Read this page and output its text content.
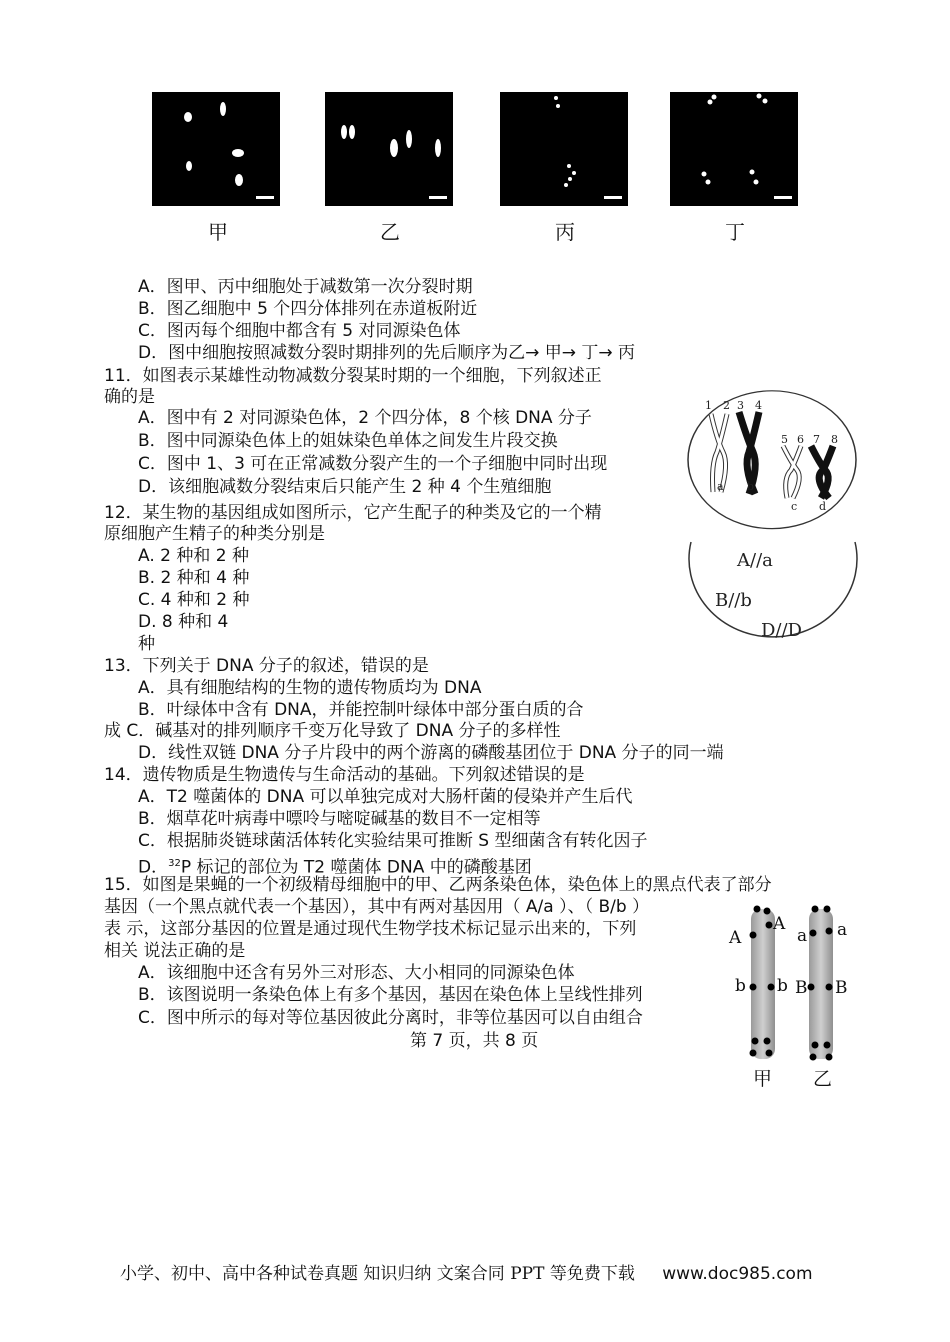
甲	乙	丙	丁
A．图甲、丙中细胞处于减数第一次分裂时期
B．图乙细胞中 5 个四分体排列在赤道板附近
C．图丙每个细胞中都含有 5 对同源染色体
D．图中细胞按照减数分裂时期排列的先后顺序为乙→ 甲→ 丁→ 丙
11．如图表示某雄性动物减数分裂某时期的一个细胞，下列叙述正
确的是
A．图中有 2 对同源染色体，2 个四分体，8 个核 DNA 分子
B．图中同源染色体上的姐妹染色单体之间发生片段交换
C．图中 1、3 可在正常减数分裂产生的一个子细胞中同时出现
D．该细胞减数分裂结束后只能产生 2 种 4 个生殖细胞
1 2 3 4
5 6 7 8
a b
c d
12．某生物的基因组成如图所示，它产生配子的种类及它的一个精
原细胞产生精子的种类分别是
A. 2 种和 2 种
B. 2 种和 4 种
C. 4 种和 2 种
D. 8 种和 4
种
A//a
B//b
D//D
13．下列关于 DNA 分子的叙述，错误的是
A．具有细胞结构的生物的遗传物质均为 DNA
B．叶绿体中含有 DNA，并能控制叶绿体中部分蛋白质的合
成 C．碱基对的排列顺序千变万化导致了 DNA 分子的多样性
D．线性双链 DNA 分子片段中的两个游离的磷酸基团位于 DNA 分子的同一端
14．遗传物质是生物遗传与生命活动的基础。下列叙述错误的是
A．T2 噬菌体的 DNA 可以单独完成对大肠杆菌的侵染并产生后代
B．烟草花叶病毒中嘌呤与嘧啶碱基的数目不一定相等
C．根据肺炎链球菌活体转化实验结果可推断 S 型细菌含有转化因子
D．$^{32}$P 标记的部位为 T2 噬菌体 DNA 中的磷酸基团
15．如图是果蝇的一个初级精母细胞中的甲、乙两条染色体，染色体上的黑点代表了部分
基因（一个黑点就代表一个基因），其中有两对基因用（ A/a ）、（ B/b ）
表 示，这部分基因的位置是通过现代生物学技术标记显示出来的，下列
相关 说法正确的是
A．该细胞中还含有另外三对形态、大小相同的同源染色体
B．该图说明一条染色体上有多个基因，基因在染色体上呈线性排列
C．图中所示的每对等位基因彼此分离时，非等位基因可以自由组合
A
A
b b
a a
B B
甲 乙
第 7 页，共 8 页
小学、初中、高中各种试卷真题 知识归纳 文案合同 PPT 等免费下载 www.doc985.com
